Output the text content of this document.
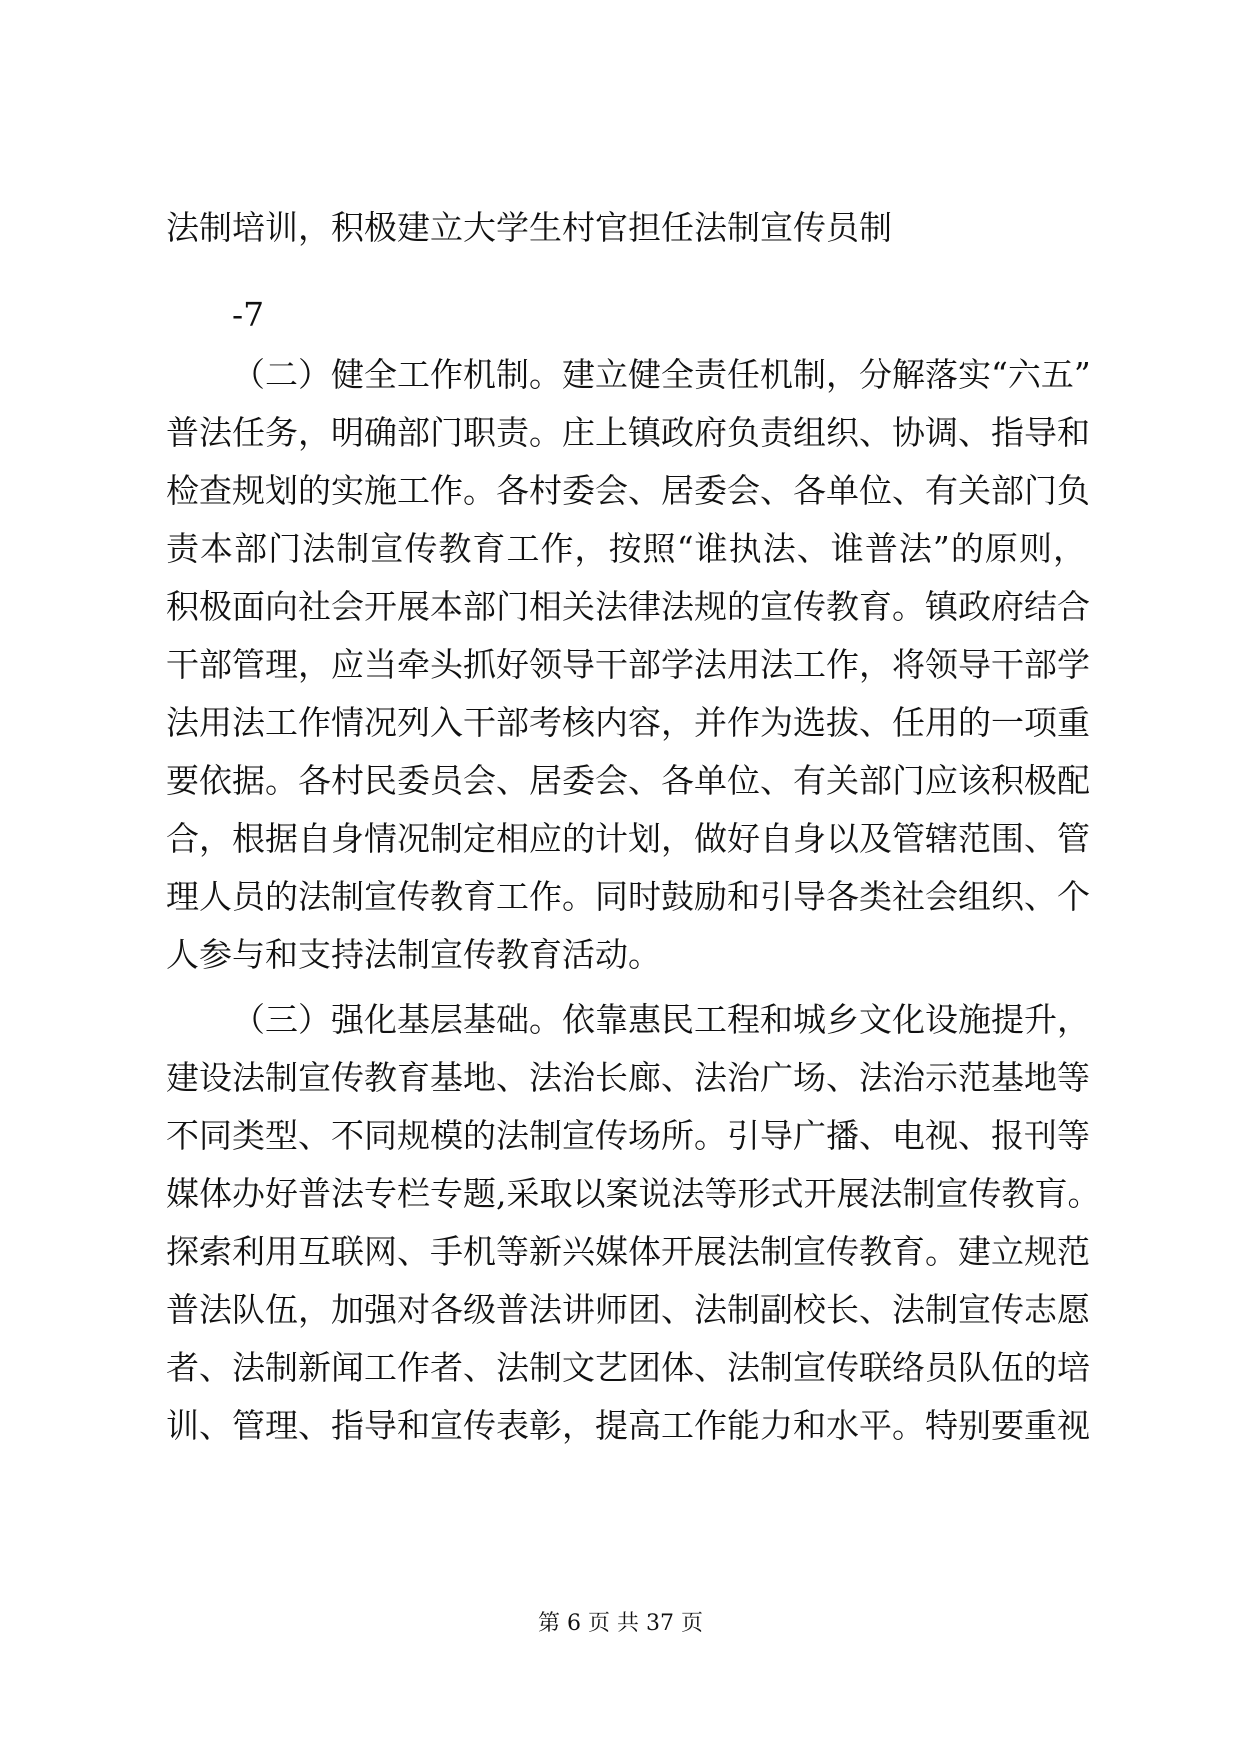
法制培训，积极建立大学生村官担任法制宣传员制
-7
（二）健全工作机制。建立健全责任机制，分解落实“六五”
普法任务，明确部门职责。庄上镇政府负责组织、协调、指导和
检查规划的实施工作。各村委会、居委会、各单位、有关部门负
责本部门法制宣传教育工作，按照“谁执法、谁普法”的原则，
积极面向社会开展本部门相关法律法规的宣传教育。镇政府结合
干部管理，应当牵头抓好领导干部学法用法工作，将领导干部学
法用法工作情况列入干部考核内容，并作为选拔、任用的一项重
要依据。各村民委员会、居委会、各单位、有关部门应该积极配
合，根据自身情况制定相应的计划，做好自身以及管辖范围、管
理人员的法制宣传教育工作。同时鼓励和引导各类社会组织、个
人参与和支持法制宣传教育活动。
（三）强化基层基础。依靠惠民工程和城乡文化设施提升，
建设法制宣传教育基地、法治长廊、法治广场、法治示范基地等
不同类型、不同规模的法制宣传场所。引导广播、电视、报刊等
媒体办好普法专栏专题,采取以案说法等形式开展法制宣传教肓。
探索利用互联网、手机等新兴媒体开展法制宣传教育。建立规范
普法队伍，加强对各级普法讲师团、法制副校长、法制宣传志愿
者、法制新闻工作者、法制文艺团体、法制宣传联络员队伍的培
训、管理、指导和宣传表彰，提高工作能力和水平。特别要重视
第 6 页 共 37 页
